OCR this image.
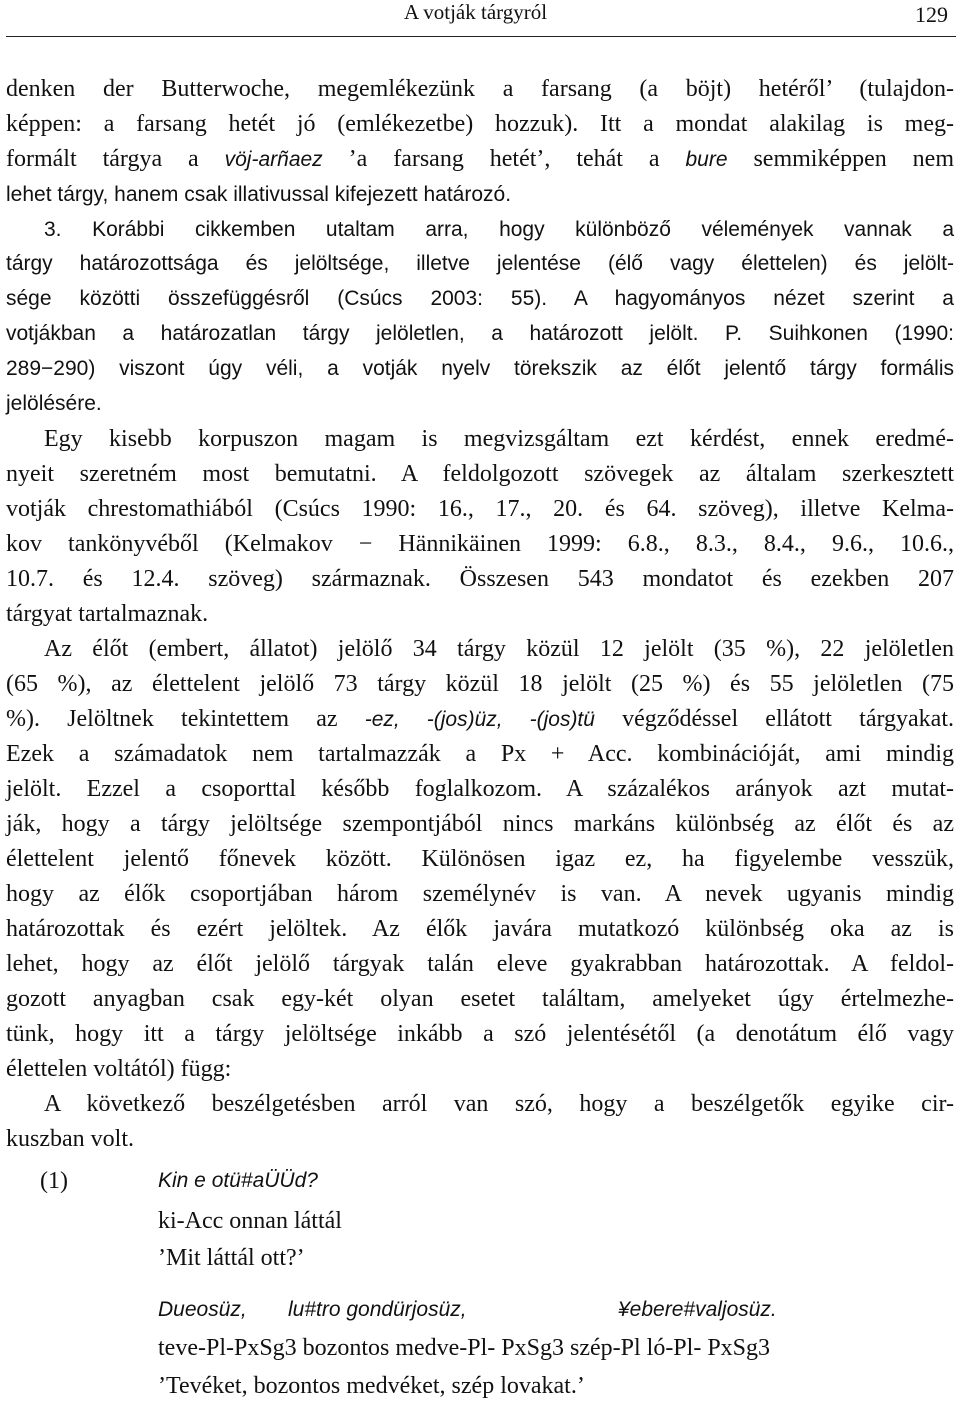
A votják tárgyról	129
denken der Butterwoche, megemlékezünk a farsang (a böjt) hetéről’ (tulajdon-
képpen: a farsang hetét jó (emlékezetbe) hozzuk). Itt a mondat alakilag is meg-
formált tárgya a vöj-arñaez ’a farsang hetét’, tehát a bure semmiképpen nem
lehet tárgy, hanem csak illativussal kifejezett határozó.
3. Korábbi cikkemben utaltam arra, hogy különböző vélemények vannak a
tárgy határozottsága és jelöltsége, illetve jelentése (élő vagy élettelen) és jelölt-
sége közötti összefüggésről (Csúcs 2003: 55). A hagyományos nézet szerint a
votjákban a határozatlan tárgy jelöletlen, a határozott jelölt. P. Suihkonen (1990:
289−290) viszont úgy véli, a votják nyelv törekszik az élőt jelentő tárgy formális
jelölésére.
Egy kisebb korpuszon magam is megvizsgáltam ezt kérdést, ennek eredmé-
nyeit szeretném most bemutatni. A feldolgozott szövegek az általam szerkesztett
votják chrestomathiából (Csúcs 1990: 16., 17., 20. és 64. szöveg), illetve Kelma-
kov tankönyvéből (Kelmakov − Hännikäinen 1999: 6.8., 8.3., 8.4., 9.6., 10.6.,
10.7. és 12.4. szöveg) származnak. Összesen 543 mondatot és ezekben 207
tárgyat tartalmaznak.
Az élőt (embert, állatot) jelölő 34 tárgy közül 12 jelölt (35 %), 22 jelöletlen
(65 %), az élettelent jelölő 73 tárgy közül 18 jelölt (25 %) és 55 jelöletlen (75
%). Jelöltnek tekintettem az -ez, -(jos)üz, -(jos)tü végződéssel ellátott tárgyakat.
Ezek a számadatok nem tartalmazzák a Px + Acc. kombinációját, ami mindig
jelölt. Ezzel a csoporttal később foglalkozom. A százalékos arányok azt mutat-
ják, hogy a tárgy jelöltsége szempontjából nincs markáns különbség az élőt és az
élettelent jelentő főnevek között. Különösen igaz ez, ha figyelembe vesszük,
hogy az élők csoportjában három személynév is van. A nevek ugyanis mindig
határozottak és ezért jelöltek. Az élők javára mutatkozó különbség oka az is
lehet, hogy az élőt jelölő tárgyak talán eleve gyakrabban határozottak. A feldol-
gozott anyagban csak egy-két olyan esetet találtam, amelyeket úgy értelmezhe-
tünk, hogy itt a tárgy jelöltsége inkább a szó jelentésétől (a denotátum élő vagy
élettelen voltától) függ:
A következő beszélgetésben arról van szó, hogy a beszélgetők egyike cir-
kuszban volt.
(1)	Kin e otü#aÜÜd?
ki-Acc onnan láttál
’Mit láttál ott?’
Dueosüz, lu#tro gondürjosüz,	¥ebere#valjosüz.
teve-Pl-PxSg3 bozontos medve-Pl- PxSg3 szép-Pl ló-Pl- PxSg3
’Tevéket, bozontos medvéket, szép lovakat.’
